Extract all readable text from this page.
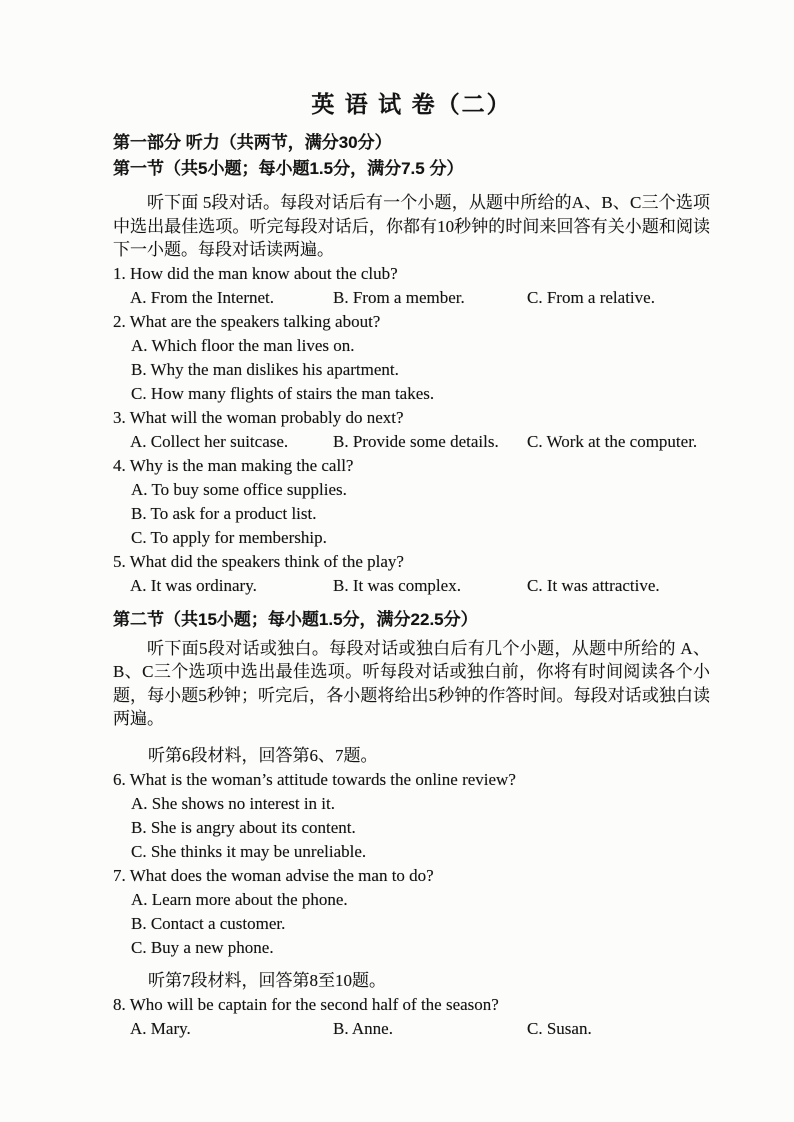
英 语 试 卷（二）
第一部分 听力（共两节，满分30分）
第一节（共5小题；每小题1.5分，满分7.5 分）
听下面 5段对话。每段对话后有一个小题，从题中所给的A、B、C三个选项中选出最佳选项。听完每段对话后，你都有10秒钟的时间来回答有关小题和阅读下一小题。每段对话读两遍。
1. How did the man know about the club?
A. From the Internet.	B. From a member.	C. From a relative.
2. What are the speakers talking about?
A. Which floor the man lives on.
B. Why the man dislikes his apartment.
C. How many flights of stairs the man takes.
3. What will the woman probably do next?
A. Collect her suitcase.	B. Provide some details.	C. Work at the computer.
4. Why is the man making the call?
A. To buy some office supplies.
B. To ask for a product list.
C. To apply for membership.
5. What did the speakers think of the play?
A. It was ordinary.	B. It was complex.	C. It was attractive.
第二节（共15小题；每小题1.5分，满分22.5分）
听下面5段对话或独白。每段对话或独白后有几个小题，从题中所给的 A、B、C三个选项中选出最佳选项。听每段对话或独白前，你将有时间阅读各个小题，每小题5秒钟；听完后，各小题将给出5秒钟的作答时间。每段对话或独白读两遍。
听第6段材料，回答第6、7题。
6. What is the woman’s attitude towards the online review?
A. She shows no interest in it.
B. She is angry about its content.
C. She thinks it may be unreliable.
7. What does the woman advise the man to do?
A. Learn more about the phone.
B. Contact a customer.
C. Buy a new phone.
听第7段材料，回答第8至10题。
8. Who will be captain for the second half of the season?
A. Mary.	B. Anne.	C. Susan.
